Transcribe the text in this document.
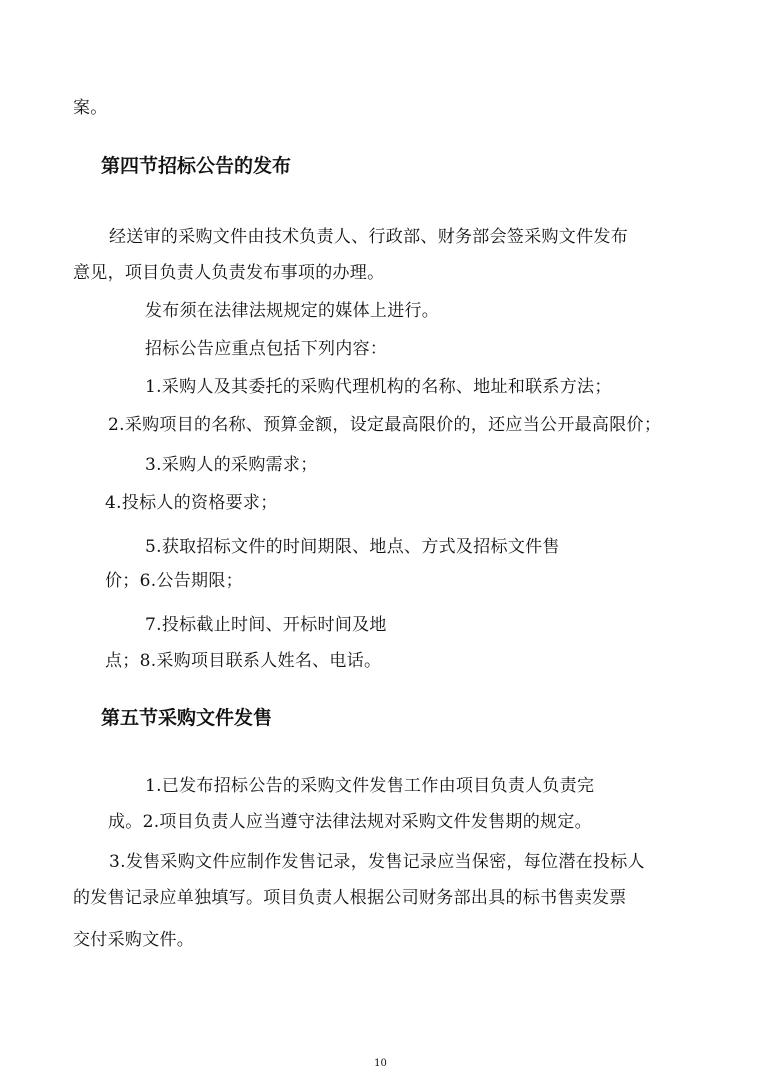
案。
第四节招标公告的发布
经送审的采购文件由技术负责人、行政部、财务部会签采购文件发布
意见，项目负责人负责发布事项的办理。
发布须在法律法规规定的媒体上进行。
招标公告应重点包括下列内容：
1.采购人及其委托的采购代理机构的名称、地址和联系方法；
2.采购项目的名称、预算金额，设定最高限价的，还应当公开最高限价；
3.采购人的采购需求；
4.投标人的资格要求；
5.获取招标文件的时间期限、地点、方式及招标文件售
价；6.公告期限；
7.投标截止时间、开标时间及地
点；8.采购项目联系人姓名、电话。
第五节采购文件发售
1.已发布招标公告的采购文件发售工作由项目负责人负责完
成。2.项目负责人应当遵守法律法规对采购文件发售期的规定。
3.发售采购文件应制作发售记录，发售记录应当保密，每位潜在投标人
的发售记录应单独填写。项目负责人根据公司财务部出具的标书售卖发票
交付采购文件。
10
